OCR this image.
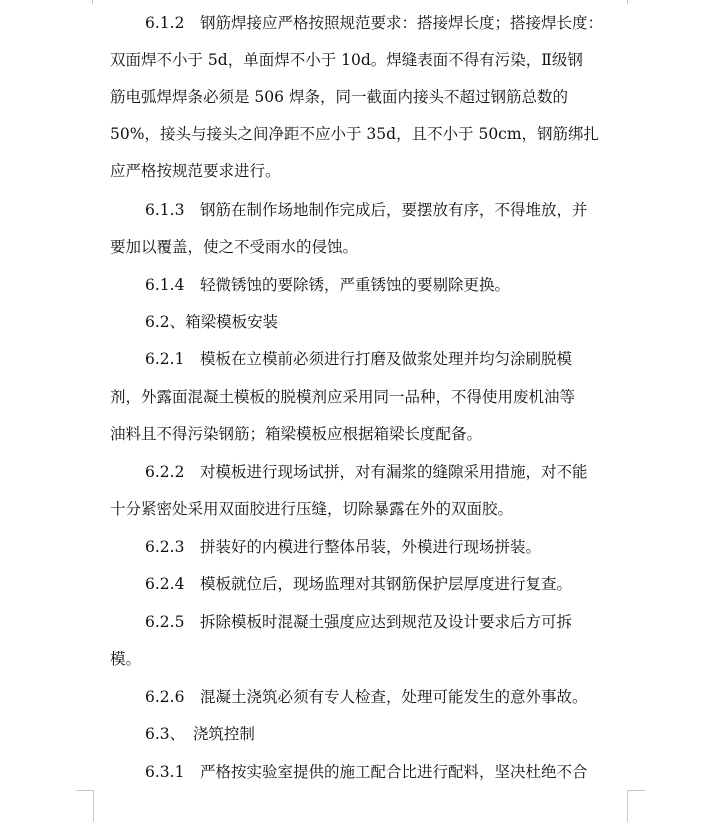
6.1.2　钢筋焊接应严格按照规范要求：搭接焊长度；搭接焊长度：
双面焊不小于 5d，单面焊不小于 10d。焊缝表面不得有污染，Ⅱ级钢
筋电弧焊焊条必须是 506 焊条，同一截面内接头不超过钢筋总数的
50%，接头与接头之间净距不应小于 35d，且不小于 50cm，钢筋绑扎
应严格按规范要求进行。
6.1.3　钢筋在制作场地制作完成后，要摆放有序，不得堆放，并
要加以覆盖，使之不受雨水的侵蚀。
6.1.4　轻微锈蚀的要除锈，严重锈蚀的要剔除更换。
6.2、箱梁模板安装
6.2.1　模板在立模前必须进行打磨及做浆处理并均匀涂刷脱模
剂，外露面混凝土模板的脱模剂应采用同一品种，不得使用废机油等
油料且不得污染钢筋；箱梁模板应根据箱梁长度配备。
6.2.2　对模板进行现场试拼，对有漏浆的缝隙采用措施，对不能
十分紧密处采用双面胶进行压缝，切除暴露在外的双面胶。
6.2.3　拼装好的内模进行整体吊装，外模进行现场拼装。
6.2.4　模板就位后，现场监理对其钢筋保护层厚度进行复查。
6.2.5　拆除模板时混凝土强度应达到规范及设计要求后方可拆
模。
6.2.6　混凝土浇筑必须有专人检查，处理可能发生的意外事故。
6.3、　浇筑控制
6.3.1　严格按实验室提供的施工配合比进行配料，坚决杜绝不合
